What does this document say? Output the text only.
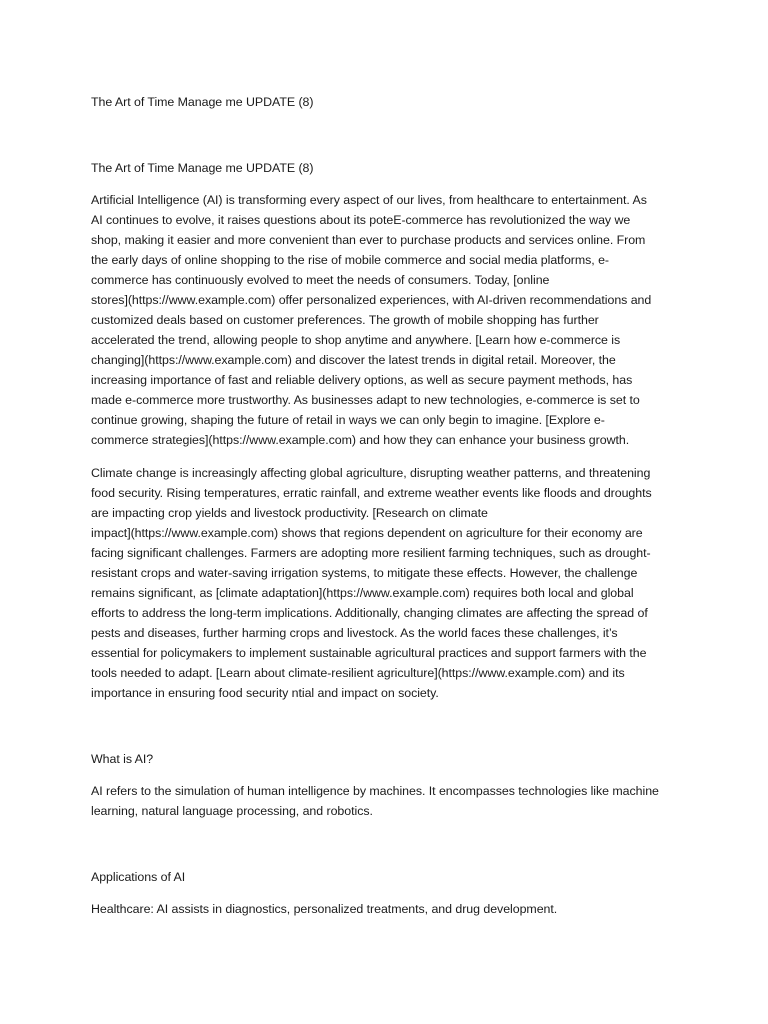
The Art of Time Manage me UPDATE (8)

The Art of Time Manage me UPDATE (8)

Artificial Intelligence (AI) is transforming every aspect of our lives, from healthcare to entertainment. As

AI continues to evolve, it raises questions about its poteE-commerce has revolutionized the way we

shop, making it easier and more convenient than ever to purchase products and services online. From

the early days of online shopping to the rise of mobile commerce and social media platforms, e-

commerce has continuously evolved to meet the needs of consumers. Today, [online

stores](https://www.example.com) offer personalized experiences, with AI-driven recommendations and

customized deals based on customer preferences. The growth of mobile shopping has further

accelerated the trend, allowing people to shop anytime and anywhere. [Learn how e-commerce is

changing](https://www.example.com) and discover the latest trends in digital retail. Moreover, the

increasing importance of fast and reliable delivery options, as well as secure payment methods, has

made e-commerce more trustworthy. As businesses adapt to new technologies, e-commerce is set to

continue growing, shaping the future of retail in ways we can only begin to imagine. [Explore e-

commerce strategies](https://www.example.com) and how they can enhance your business growth.

Climate change is increasingly affecting global agriculture, disrupting weather patterns, and threatening

food security. Rising temperatures, erratic rainfall, and extreme weather events like floods and droughts

are impacting crop yields and livestock productivity. [Research on climate

impact](https://www.example.com) shows that regions dependent on agriculture for their economy are

facing significant challenges. Farmers are adopting more resilient farming techniques, such as drought-

resistant crops and water-saving irrigation systems, to mitigate these effects. However, the challenge

remains significant, as [climate adaptation](https://www.example.com) requires both local and global

efforts to address the long-term implications. Additionally, changing climates are affecting the spread of

pests and diseases, further harming crops and livestock. As the world faces these challenges, it’s

essential for policymakers to implement sustainable agricultural practices and support farmers with the

tools needed to adapt. [Learn about climate-resilient agriculture](https://www.example.com) and its

importance in ensuring food security ntial and impact on society.

What is AI?

AI refers to the simulation of human intelligence by machines. It encompasses technologies like machine

learning, natural language processing, and robotics.

Applications of AI

Healthcare: AI assists in diagnostics, personalized treatments, and drug development.
